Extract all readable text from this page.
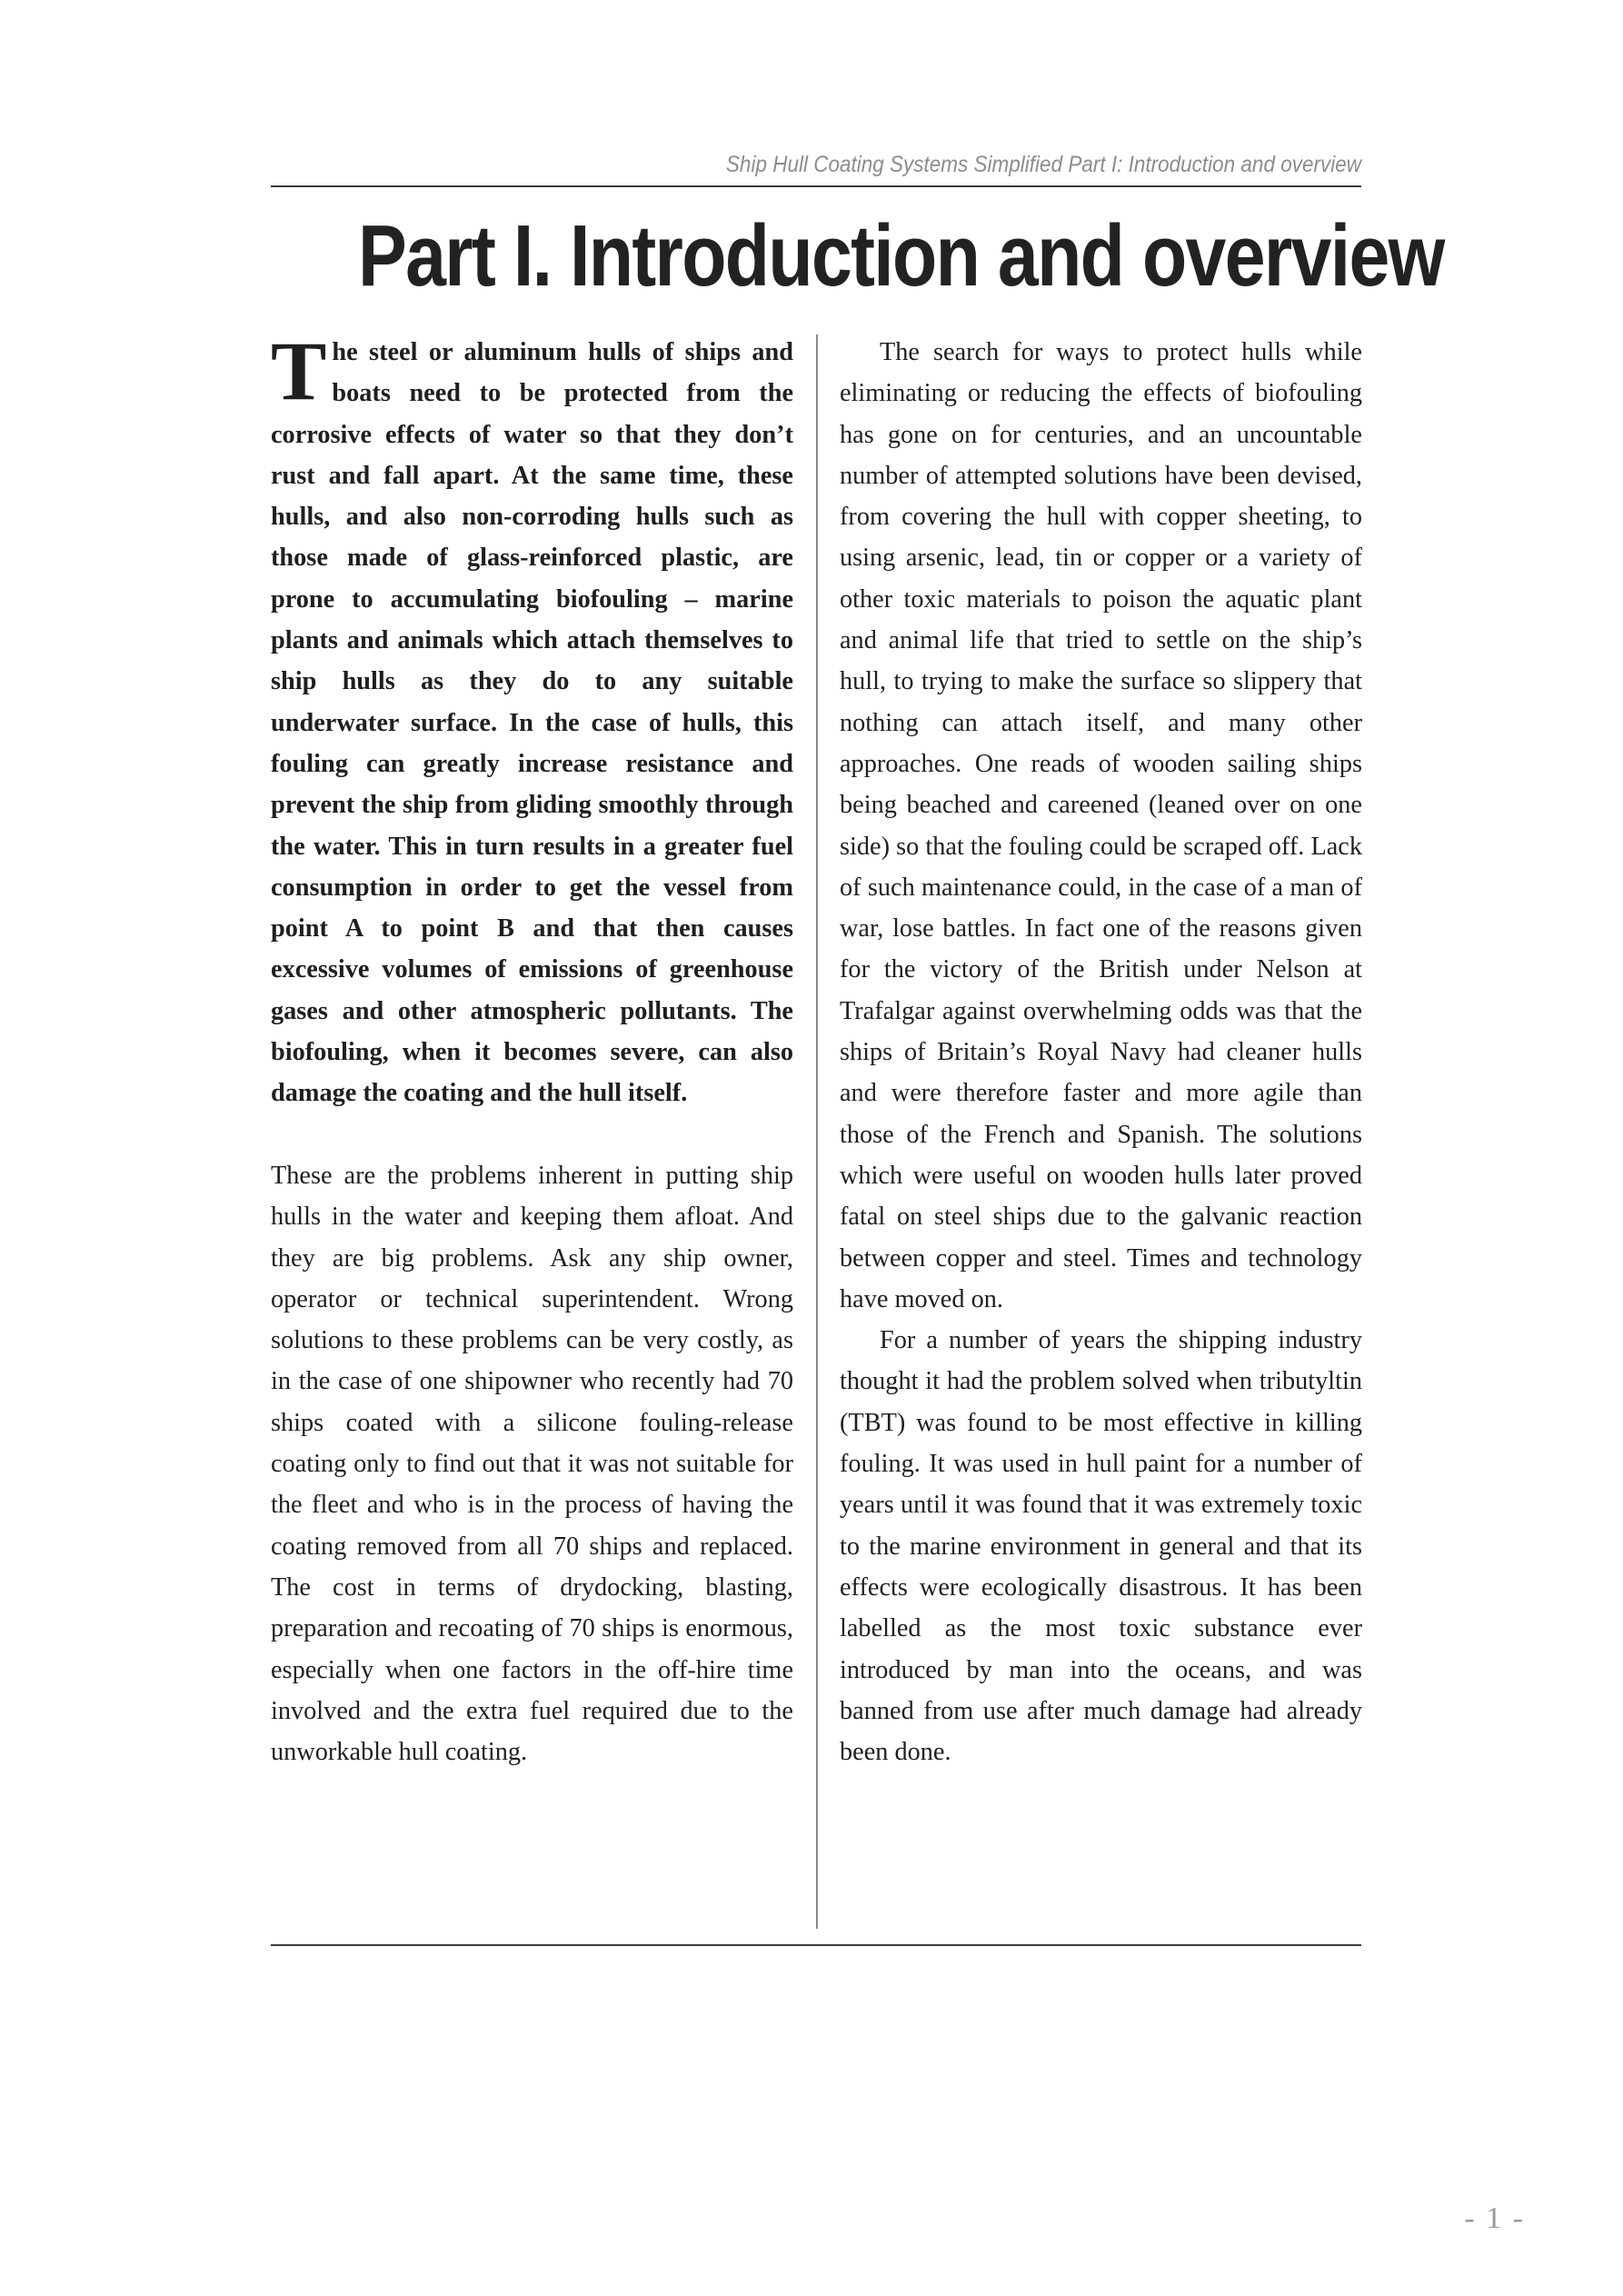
Ship Hull Coating Systems Simplified Part I: Introduction and overview
Part I. Introduction and overview

The steel or aluminum hulls of ships and boats need to be protected from the corrosive effects of water so that they don’t rust and fall apart. At the same time, these hulls, and also non-corroding hulls such as those made of glass-reinforced plastic, are prone to accumulating biofouling – marine plants and animals which attach themselves to ship hulls as they do to any suitable underwater surface. In the case of hulls, this fouling can greatly increase resistance and prevent the ship from gliding smoothly through the water. This in turn results in a greater fuel consumption in order to get the vessel from point A to point B and that then causes excessive volumes of emissions of greenhouse gases and other atmospheric pollutants. The biofouling, when it becomes severe, can also damage the coating and the hull itself.

These are the problems inherent in putting ship hulls in the water and keeping them afloat. And they are big problems. Ask any ship owner, operator or technical superintendent. Wrong solutions to these problems can be very costly, as in the case of one shipowner who recently had 70 ships coated with a silicone fouling-release coating only to find out that it was not suitable for the fleet and who is in the process of having the coating removed from all 70 ships and replaced. The cost in terms of drydocking, blasting, preparation and recoating of 70 ships is enormous, especially when one factors in the off-hire time involved and the extra fuel required due to the unworkable hull coating.

The search for ways to protect hulls while eliminating or reducing the effects of biofouling has gone on for centuries, and an uncountable number of attempted solutions have been devised, from covering the hull with copper sheeting, to using arsenic, lead, tin or copper or a variety of other toxic materials to poison the aquatic plant and animal life that tried to settle on the ship’s hull, to trying to make the surface so slippery that nothing can attach itself, and many other approaches. One reads of wooden sailing ships being beached and careened (leaned over on one side) so that the fouling could be scraped off. Lack of such maintenance could, in the case of a man of war, lose battles. In fact one of the reasons given for the victory of the British under Nelson at Trafalgar against overwhelming odds was that the ships of Britain’s Royal Navy had cleaner hulls and were therefore faster and more agile than those of the French and Spanish. The solutions which were useful on wooden hulls later proved fatal on steel ships due to the galvanic reaction between copper and steel. Times and technology have moved on.

For a number of years the shipping industry thought it had the problem solved when tributyltin (TBT) was found to be most effective in killing fouling. It was used in hull paint for a number of years until it was found that it was extremely toxic to the marine environment in general and that its effects were ecologically disastrous. It has been labelled as the most toxic substance ever introduced by man into the oceans, and was banned from use after much damage had already been done.

- 1 -
